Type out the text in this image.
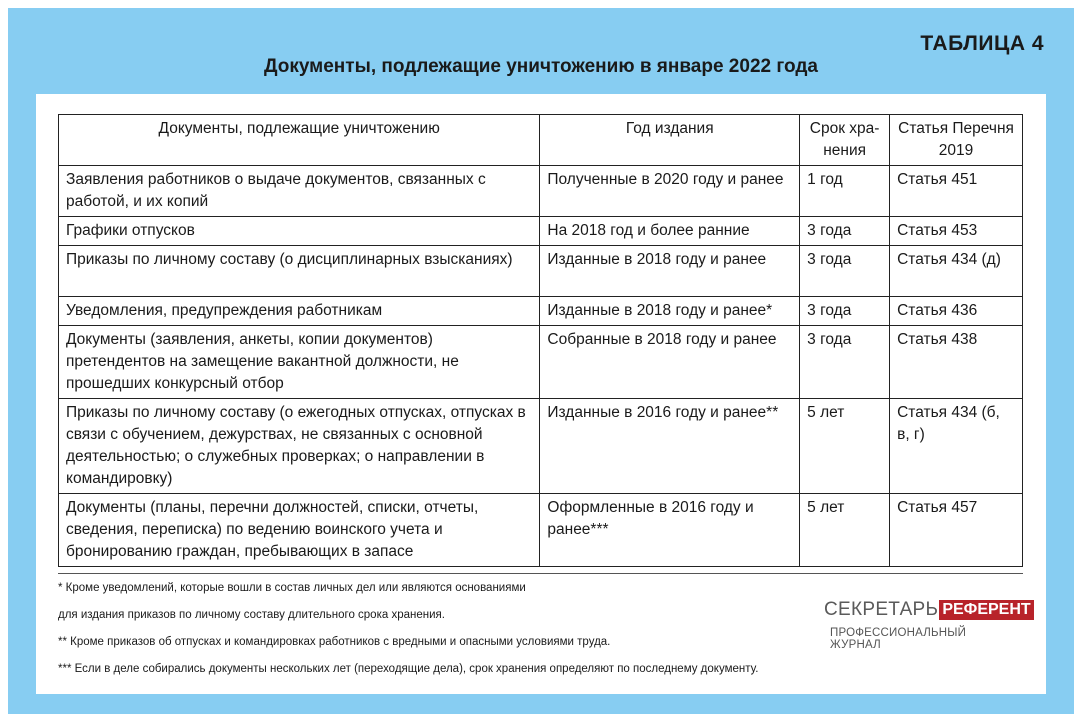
ТАБЛИЦА 4
Документы, подлежащие уничтожению в январе 2022 года
Документы, подлежащие уничтожению	Год издания	Срок хра-нения	Статья Перечня 2019
Заявления работников о выдаче документов, связанных с работой, и их копий	Полученные в 2020 году и ранее	1 год	Статья 451
Графики отпусков	На 2018 год и более ранние	3 года	Статья 453
Приказы по личному составу (о дисциплинарных взысканиях)	Изданные в 2018 году и ранее	3 года	Статья 434 (д)
Уведомления, предупреждения работникам	Изданные в 2018 году и ранее*	3 года	Статья 436
Документы (заявления, анкеты, копии документов) претендентов на замещение вакантной должности, не прошедших конкурсный отбор	Собранные в 2018 году и ранее	3 года	Статья 438
Приказы по личному составу (о ежегодных отпусках, отпусках в связи с обучением, дежурствах, не связанных с основной деятельностью; о служебных проверках; о направлении в командировку)	Изданные в 2016 году и ранее**	5 лет	Статья 434 (б, в, г)
Документы (планы, перечни должностей, списки, отчеты, сведения, переписка) по ведению воинского учета и бронированию граждан, пребывающих в запасе	Оформленные в 2016 году и ранее***	5 лет	Статья 457
* Кроме уведомлений, которые вошли в состав личных дел или являются основаниями
для издания приказов по личному составу длительного срока хранения.
** Кроме приказов об отпусках и командировках работников с вредными и опасными условиями труда.
*** Если в деле собирались документы нескольких лет (переходящие дела), срок хранения определяют по последнему документу.
СЕКРЕТАРЬ РЕФЕРЕНТ
ПРОФЕССИОНАЛЬНЫЙ ЖУРНАЛ
